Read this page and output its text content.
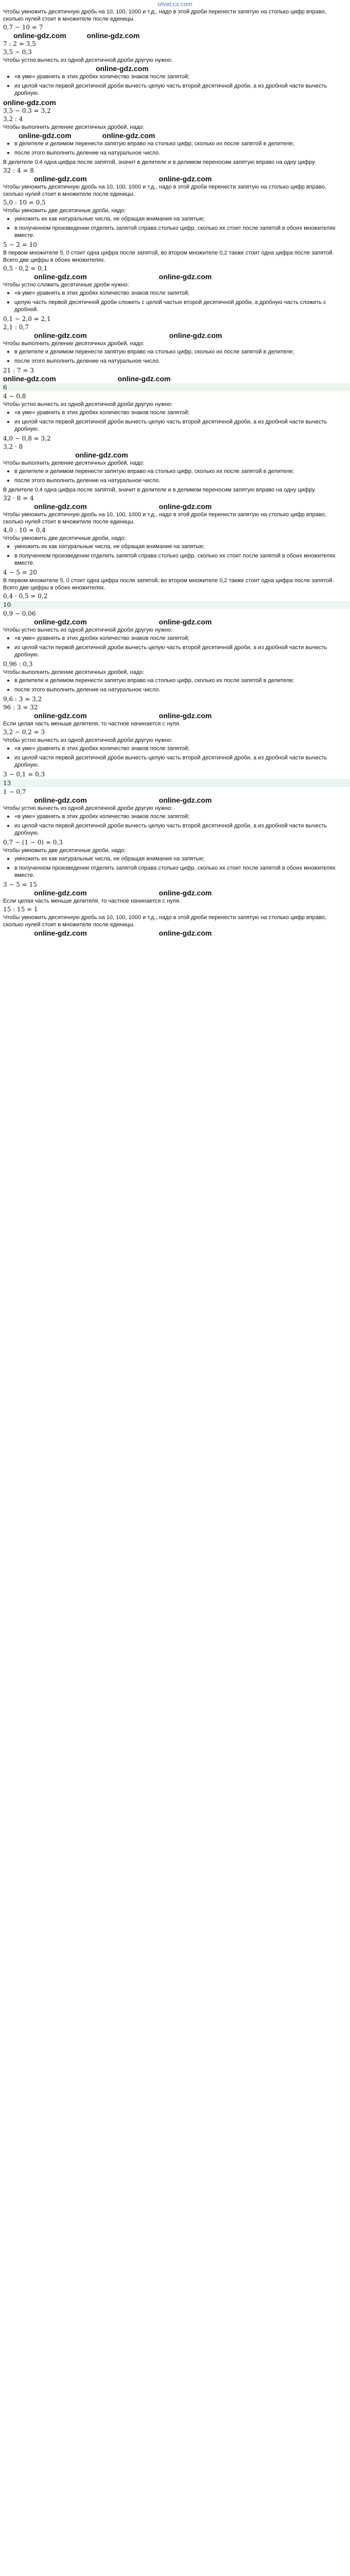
otvet.cx.com

Чтобы умножить десятичную дробь на 10, 100, 1000 и т.д., надо в этой дроби перенести запятую на столько цифр вправо, сколько нулей стоит в множителе после единицы.

0,7 − 10 = 7
online-gdz.com	online-gdz.com
7 : 2 = 3,5
3,5 − 0,3

Чтобы устно вычесть из одной десятичной дроби другую нужно:

online-gdz.com
«в уме» уравнять в этих дробях количество знаков после запятой;
из целой части первой десятичной дроби вычесть целую часть второй десятичной дроби, а из дробной части вычесть дробную.
online-gdz.com
3,5 − 0,3 = 3,2
3,2 : 4

Чтобы выполнить деление десятичных дробей, надо:

online-gdz.com	online-gdz.com
в делителе и делимом перенести запятую вправо на столько цифр, сколько их после запятой в делителе;
после этого выполнить деление на натуральное число.

В делителе 0,4 одна цифра после запятой, значит в делителе и в делимом переносим запятую вправо на одну цифру.

32 : 4 = 8
online-gdz.com	online-gdz.com

Чтобы умножить десятичную дробь на 10, 100, 1000 и т.д., надо в этой дроби перенести запятую на столько цифр вправо, сколько нулей стоит в множителе после единицы.

5,0 : 10 = 0,5

Чтобы умножить две десятичные дроби, надо:

умножить их как натуральные числа, не обращая внимания на запятые;
в полученном произведении отделить запятой справа столько цифр, сколько их стоит после запятой в обоих множителях вместе.
5 − 2 = 10

В первом множителе 5, 0 стоит одна цифра после запятой, во втором множителе 0,2 также стоит одна цифра после запятой. Всего две цифры в обоих множителях.

0,5 · 0,2 = 0,1
online-gdz.com	online-gdz.com

Чтобы устно сложить десятичные дроби нужно:

«в уме» уравнять в этих дробях количество знаков после запятой;
целую часть первой десятичной дроби сложить с целой частью второй десятичной дроби, а дробную часть сложить с дробной.
0,1 − 2,0 = 2,1
2,1 : 0,7
online-gdz.com	online-gdz.com

Чтобы выполнить деление десятичных дробей, надо:

в делителе и делимом перенести запятую вправо на столько цифр, сколько их после запятой в делителе;
после этого выполнить деление на натуральное число.
21 : 7 = 3
online-gdz.com	online-gdz.com
6
4 − 0,8

Чтобы устно вычесть из одной десятичной дроби другую нужно:

«в уме» уравнять в этих дробях количество знаков после запятой;
из целой части первой десятичной дроби вычесть целую часть второй десятичной дроби, а из дробной части вычесть дробную.
4,0 − 0,8 = 3,2
3,2 · 8
online-gdz.com

Чтобы выполнить деление десятичных дробей, надо:

в делителе и делимом перенести запятую вправо на столько цифр, сколько их после запятой в делителе;
после этого выполнить деление на натуральное число.

В делителе 0,4 одна цифра после запятой, значит в делителе и в делимом переносим запятую вправо на одну цифру.

32 · 8 = 4
online-gdz.com	online-gdz.com

Чтобы умножить десятичную дробь на 10, 100, 1000 и т.д., надо в этой дроби перенести запятую на столько цифр вправо, сколько нулей стоит в множителе после единицы.

4,0 : 10 = 0,4

Чтобы умножить две десятичные дроби, надо:

умножить их как натуральные числа, не обращая внимания на запятые;
в полученном произведении отделить запятой справа столько цифр, сколько их стоит после запятой в обоих множителях вместе.
4 − 5 = 20

В первом множителе 5, 0 стоит одна цифра после запятой, во втором множителе 0,2 также стоит одна цифра после запятой. Всего две цифры в обоих множителях.

0,4 · 0,5 = 0,2
10
0,9 − 0,06
online-gdz.com	online-gdz.com

Чтобы устно вычесть из одной десятичной дроби другую нужно:

«в уме» уравнять в этих дробях количество знаков после запятой;
из целой части первой десятичной дроби вычесть целую часть второй десятичной дроби, а из дробной части вычесть дробную.
0,96 : 0,3

Чтобы выполнить деление десятичных дробей, надо:

в делителе и делимом перенести запятую вправо на столько цифр, сколько их после запятой в делителе;
после этого выполнить деление на натуральное число.
9,6 : 3 = 3,2
96 : 3 = 32
online-gdz.com	online-gdz.com

Если целая часть меньше делителя, то частное начинается с нуля.

3,2 − 0,2 = 3

Чтобы устно вычесть из одной десятичной дроби другую нужно:

«в уме» уравнять в этих дробях количество знаков после запятой;
из целой части первой десятичной дроби вычесть целую часть второй десятичной дроби, а из дробной части вычесть дробную.
3 − 0,1 = 0,3
13
1 − 0,7
online-gdz.com	online-gdz.com

Чтобы устно вычесть из одной десятичной дроби другую нужно:

«в уме» уравнять в этих дробях количество знаков после запятой;
из целой части первой десятичной дроби вычесть целую часть второй десятичной дроби, а из дробной части вычесть дробную.
0,7 − (1 − 0) = 0,3

Чтобы умножить две десятичные дроби, надо:

умножить их как натуральные числа, не обращая внимания на запятые;
в полученном произведении отделить запятой справа столько цифр, сколько их стоит после запятой в обоих множителях вместе.
3 − 5 = 15
online-gdz.com	online-gdz.com

Если целая часть меньше делителя, то частное начинается с нуля.

15 : 15 = 1

Чтобы умножить десятичную дробь на 10, 100, 1000 и т.д., надо в этой дроби перенести запятую на столько цифр вправо, сколько нулей стоит в множителе после единицы.

online-gdz.com	online-gdz.com
